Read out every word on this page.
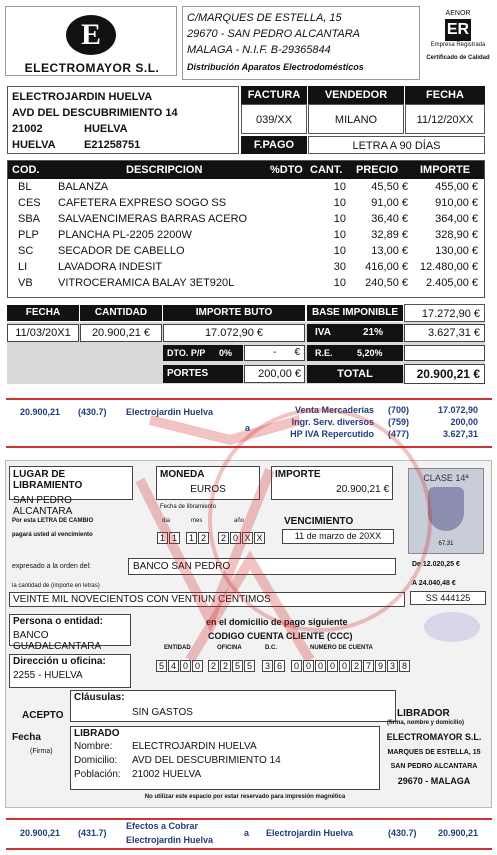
E
ELECTROMAYOR S.L.
C/MARQUES DE ESTELLA, 15
29670 - SAN PEDRO ALCANTARA
MALAGA - N.I.F. B-29365844
Distribución Aparatos Electrodomésticos
AENOR
ER
Empresa Registrada
Certificado de Calidad
ELECTROJARDIN HUELVA
AVD DEL DESCUBRIMIENTO 14
21002	HUELVA
HUELVA	E21258751
FACTURA	VENDEDOR	FECHA
039/XX	MILANO	11/12/20XX
F.PAGO	LETRA A 90 DÍAS
COD.	DESCRIPCION	%DTO CANT.	PRECIO	IMPORTE
BL	BALANZA	10	45,50 €	455,00 €
CES	CAFETERA EXPRESO SOGO SS	10	91,00 €	910,00 €
SBA	SALVAENCIMERAS BARRAS ACERO	10	36,40 €	364,00 €
PLP	PLANCHA PL-2205 2200W	10	32,89 €	328,90 €
SC	SECADOR DE CABELLO	10	13,00 €	130,00 €
LI	LAVADORA INDESIT	30	416,00 €	12.480,00 €
VB	VITROCERAMICA BALAY 3ET920L	10	240,50 €	2.405,00 €
FECHA	CANTIDAD	IMPORTE BUTO	BASE IMPONIBLE	17.272,90 €
11/03/20X1	20.900,21 €	17.072,90 €	IVA	21%	3.627,31 €
DTO. P/P 0%	- € R.E.	5,20%
PORTES	200,00 €	TOTAL	20.900,21 €
20.900,21 (430.7) Electrojardin Huelva
a
Venta Mercaderías (700)	17.072,90
Ingr. Serv. diversos (759)	200,00
HP IVA Repercutido (477)	3.627,31
LUGAR DE LIBRAMIENTO
SAN PEDRO ALCANTARA
MONEDA
EUROS
IMPORTE
20.900,21 €
CLASE 14ª
67,31
Fecha de libramiento
dia	mes	año
1 1	1 2	2 0 X X
Por esta LETRA DE CAMBIO
pagará usted al vencimiento
VENCIMIENTO
11 de marzo de 20XX
expresado a la orden del:	BANCO SAN PEDRO	De 12.020,25 €
A 24.040,48 €
SS 444125
la cantidad de (importe en letras)
VEINTE MIL NOVECIENTOS CON VENTIUN CENTIMOS
Persona o entidad:
BANCO GUADALCANTARA
en el domicilio de pago siguiente
CODIGO CUENTA CLIENTE (CCC)
ENTIDAD	OFICINA	D.C.	NUMERO DE CUENTA
5 4 0 0	2 2 5 5	3 6	0 0 0 0 0 2 7 9 3 8
Dirección u oficina:
2255 - HUELVA
Cláusulas:
SIN GASTOS
ACEPTO	LIBRADOR
(firma, nombre y domicilio)
Fecha
(Firma)
LIBRADO
Nombre: ELECTROJARDIN HUELVA
Domicilio: AVD DEL DESCUBRIMIENTO 14
Población: 21002 HUELVA
ELECTROMAYOR S.L.
MARQUES DE ESTELLA, 15
SAN PEDRO ALCANTARA
29670 - MALAGA
No utilizar este espacio por estar reservado para impresión magnética
20.900,21 (431.7)
Efectos a Cobrar
Electrojardin Huelva
a Electrojardin Huelva	(430.7) 20.900,21
